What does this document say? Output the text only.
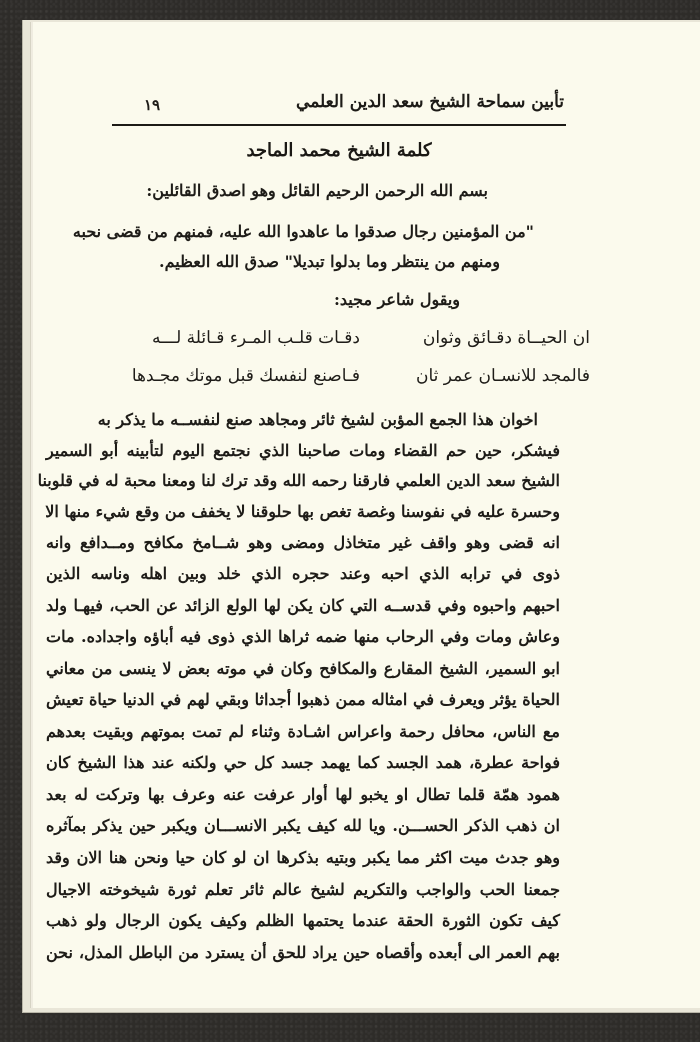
تأبين سماحة الشيخ سعد الدين العلمي
١٩
كلمة الشيخ محمد الماجد
بسم الله الرحمن الرحيم القائل وهو اصدق القائلين:
"من المؤمنين رجال صدقوا ما عاهدوا الله عليه، فمنهم من قضى نحبه
ومنهم من ينتظر وما بدلوا تبديلا" صدق الله العظيم.
ويقول شاعر مجيد:
دقـات قلـب المـرء قـائلة لـــه	ان الحيــاة دقـائق وثوان
فـاصنع لنفسك قبل موتك مجـدها	فالمجد للانسـان عمر ثان
اخوان هذا الجمع المؤبن لشيخ ثائر ومجاهد صنع لنفســه ما يذكر به
فيشكر، حين حم القضاء ومات صاحبنا الذي نجتمع اليوم لتأبينه أبو السمير
الشيخ سعد الدين العلمي فارقنا رحمه الله وقد ترك لنا ومعنا محبة له في قلوبنا
وحسرة عليه في نفوسنا وغصة تغص بها حلوقنا لا يخفف من وقع شيء منها الا
انه قضى وهو واقف غير متخاذل ومضى وهو شــامخ مكافح ومــدافع وانه
ذوى في ترابه الذي احبه وعند حجره الذي خلد وبين اهله وناسه الذين
احبهم واحبوه وفي قدســه التي كان يكن لها الولع الزائد عن الحب، فيهـا ولد
وعاش ومات وفي الرحاب منها ضمه ثراها الذي ذوى فيه أباؤه واجداده. مات
ابو السمير، الشيخ المقارع والمكافح وكان في موته بعض لا ينسى من معاني
الحياة يؤثر ويعرف في امثاله ممن ذهبوا أجداثا وبقي لهم في الدنيا حياة تعيش
مع الناس، محافل رحمة واعراس اشـادة وثناء لم تمت بموتهم وبقيت بعدهم
فواحة عطرة، همد الجسد كما يهمد جسد كل حي ولكنه عند هذا الشيخ كان
همود همّة قلما تطال او يخبو لها أوار عرفت عنه وعرف بها وتركت له بعد
ان ذهب الذكر الحســـن. ويا لله كيف يكبر الانســـان ويكبر حين يذكر بمآثره
وهو جدث ميت اكثر مما يكبر وبتيه بذكرها ان لو كان حيا ونحن هنا الان وقد
جمعنا الحب والواجب والتكريم لشيخ عالم ثائر تعلم ثورة شيخوخته الاجيال
كيف تكون الثورة الحقة عندما يحتمها الظلم وكيف يكون الرجال ولو ذهب
بهم العمر الى أبعده وأقصاه حين يراد للحق أن يسترد من الباطل المذل، نحن
